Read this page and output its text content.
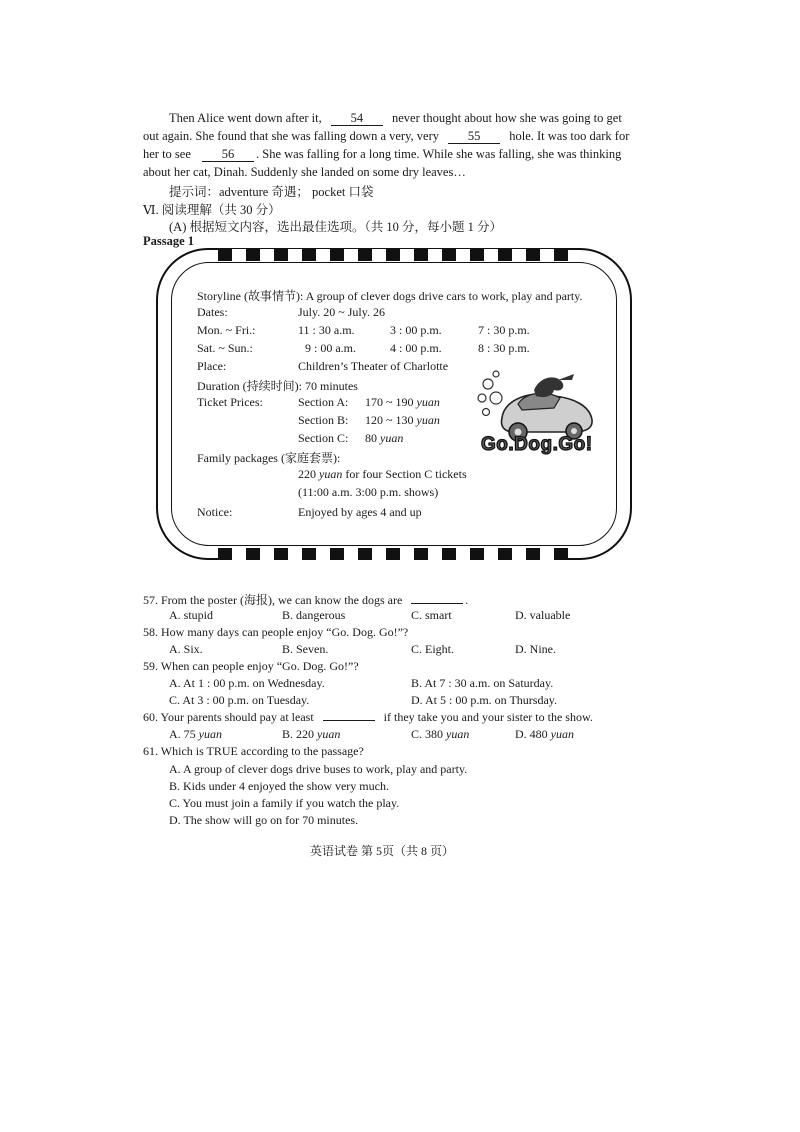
Then Alice went down after it, 54 never thought about how she was going to get
out again. She found that she was falling down a very, very 55 hole. It was too dark for
her to see 56 . She was falling for a long time. While she was falling, she was thinking
about her cat, Dinah. Suddenly she landed on some dry leaves…
提示词：adventure 奇遇； pocket 口袋
Ⅵ. 阅读理解（共 30 分）
(A) 根据短文内容，选出最佳选项。（共 10 分，每小题 1 分）
Passage 1
Storyline (故事情节): A group of clever dogs drive cars to work, play and party.
Dates:	July. 20 ~ July. 26
Mon. ~ Fri.:	11 : 30 a.m.	3 : 00 p.m.	7 : 30 p.m.
Sat. ~ Sun.:	9 : 00 a.m.	4 : 00 p.m.	8 : 30 p.m.
Place:	Children’s Theater of Charlotte
Duration (持续时间): 70 minutes
Ticket Prices:	Section A: 170 ~ 190 yuan
Section B: 120 ~ 130 yuan
Section C: 80 yuan
Family packages (家庭套票):
220 yuan for four Section C tickets
(11:00 a.m. 3:00 p.m. shows)
Notice:	Enjoyed by ages 4 and up
Go.Dog.Go!
57. From the poster (海报), we can know the dogs are	.
A. stupid	B. dangerous	C. smart	D. valuable
58. How many days can people enjoy “Go. Dog. Go!”?
A. Six.	B. Seven.	C. Eight.	D. Nine.
59. When can people enjoy “Go. Dog. Go!”?
A. At 1 : 00 p.m. on Wednesday.	B. At 7 : 30 a.m. on Saturday.
C. At 3 : 00 p.m. on Tuesday.	D. At 5 : 00 p.m. on Thursday.
60. Your parents should pay at least	if they take you and your sister to the show.
A. 75 yuan	B. 220 yuan	C. 380 yuan	D. 480 yuan
61. Which is TRUE according to the passage?
A. A group of clever dogs drive buses to work, play and party.
B. Kids under 4 enjoyed the show very much.
C. You must join a family if you watch the play.
D. The show will go on for 70 minutes.
英语试卷 第 5页（共 8 页）
